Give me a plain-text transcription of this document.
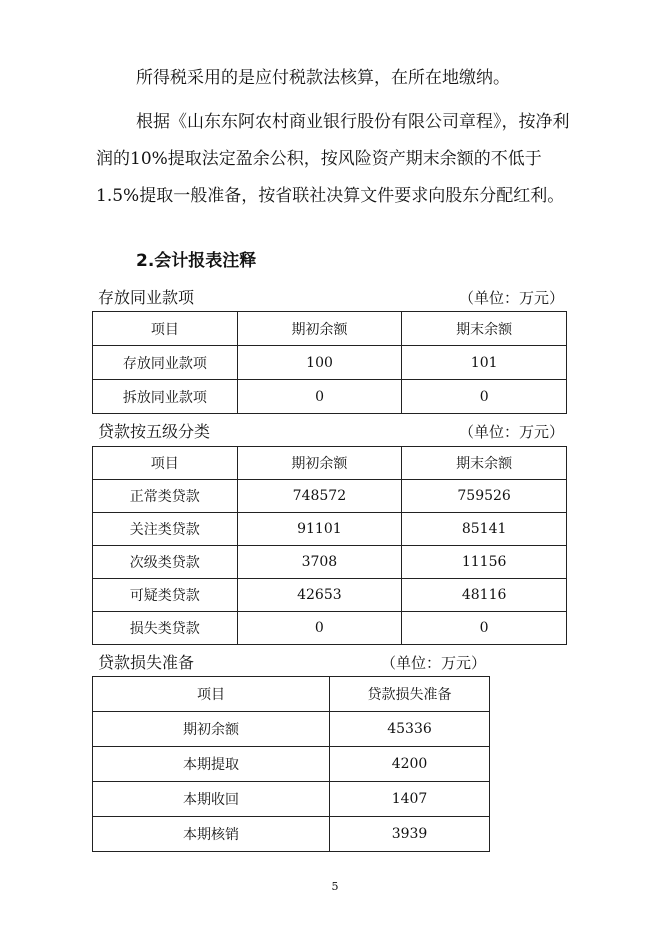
所得税采用的是应付税款法核算，在所在地缴纳。

根据《山东东阿农村商业银行股份有限公司章程》，按净利润的10%提取法定盈余公积，按风险资产期末余额的不低于1.5%提取一般准备，按省联社决算文件要求向股东分配红利。

2.会计报表注释
存放同业款项	（单位：万元）
项目	期初余额	期末余额
存放同业款项	100	101
拆放同业款项	0	0
贷款按五级分类	（单位：万元）
项目	期初余额	期末余额
正常类贷款	748572	759526
关注类贷款	91101	85141
次级类贷款	3708	11156
可疑类贷款	42653	48116
损失类贷款	0	0
贷款损失准备	（单位：万元）
项目	贷款损失准备
期初余额	45336
本期提取	4200
本期收回	1407
本期核销	3939
5
